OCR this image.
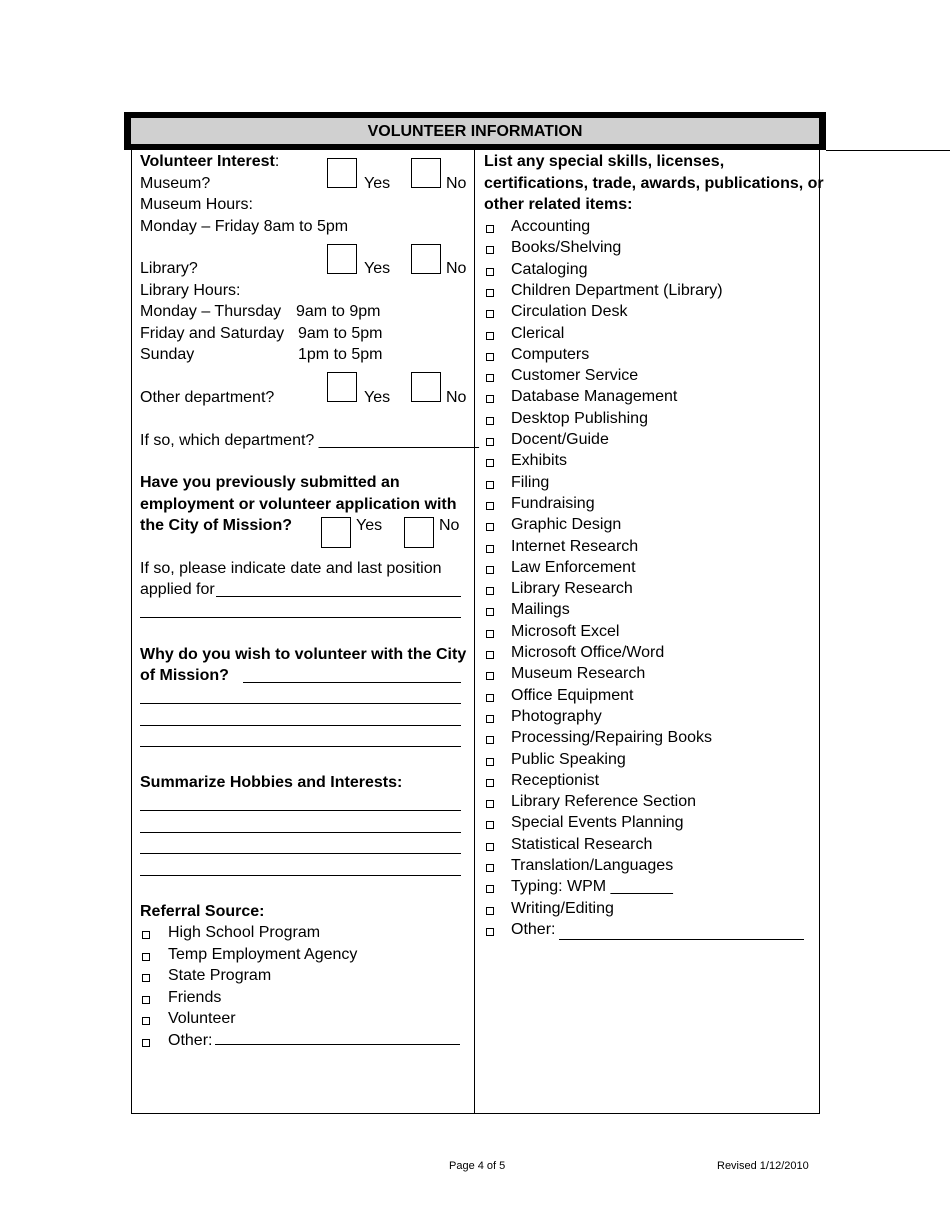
VOLUNTEER INFORMATION
Volunteer Interest:
Museum?	Yes	No
Museum Hours:
Monday – Friday 8am to 5pm
Library?	Yes	No
Library Hours:
Monday – Thursday 9am to 9pm
Friday and Saturday 9am to 5pm
Sunday	1pm to 5pm
Other department?	Yes	No
If so, which department? __________________
Have you previously submitted an
employment or volunteer application with
the City of Mission?	Yes	No
If so, please indicate date and last position
applied for
Why do you wish to volunteer with the City
of Mission?
Summarize Hobbies and Interests:
Referral Source:
High School Program
Temp Employment Agency
State Program
Friends
Volunteer
Other:
List any special skills, licenses,
certifications, trade, awards, publications, or
other related items:
Accounting
Books/Shelving
Cataloging
Children Department (Library)
Circulation Desk
Clerical
Computers
Customer Service
Database Management
Desktop Publishing
Docent/Guide
Exhibits
Filing
Fundraising
Graphic Design
Internet Research
Law Enforcement
Library Research
Mailings
Microsoft Excel
Microsoft Office/Word
Museum Research
Office Equipment
Photography
Processing/Repairing Books
Public Speaking
Receptionist
Library Reference Section
Special Events Planning
Statistical Research
Translation/Languages
Typing: WPM _______
Writing/Editing
Other:
Page 4 of 5	Revised 1/12/2010
